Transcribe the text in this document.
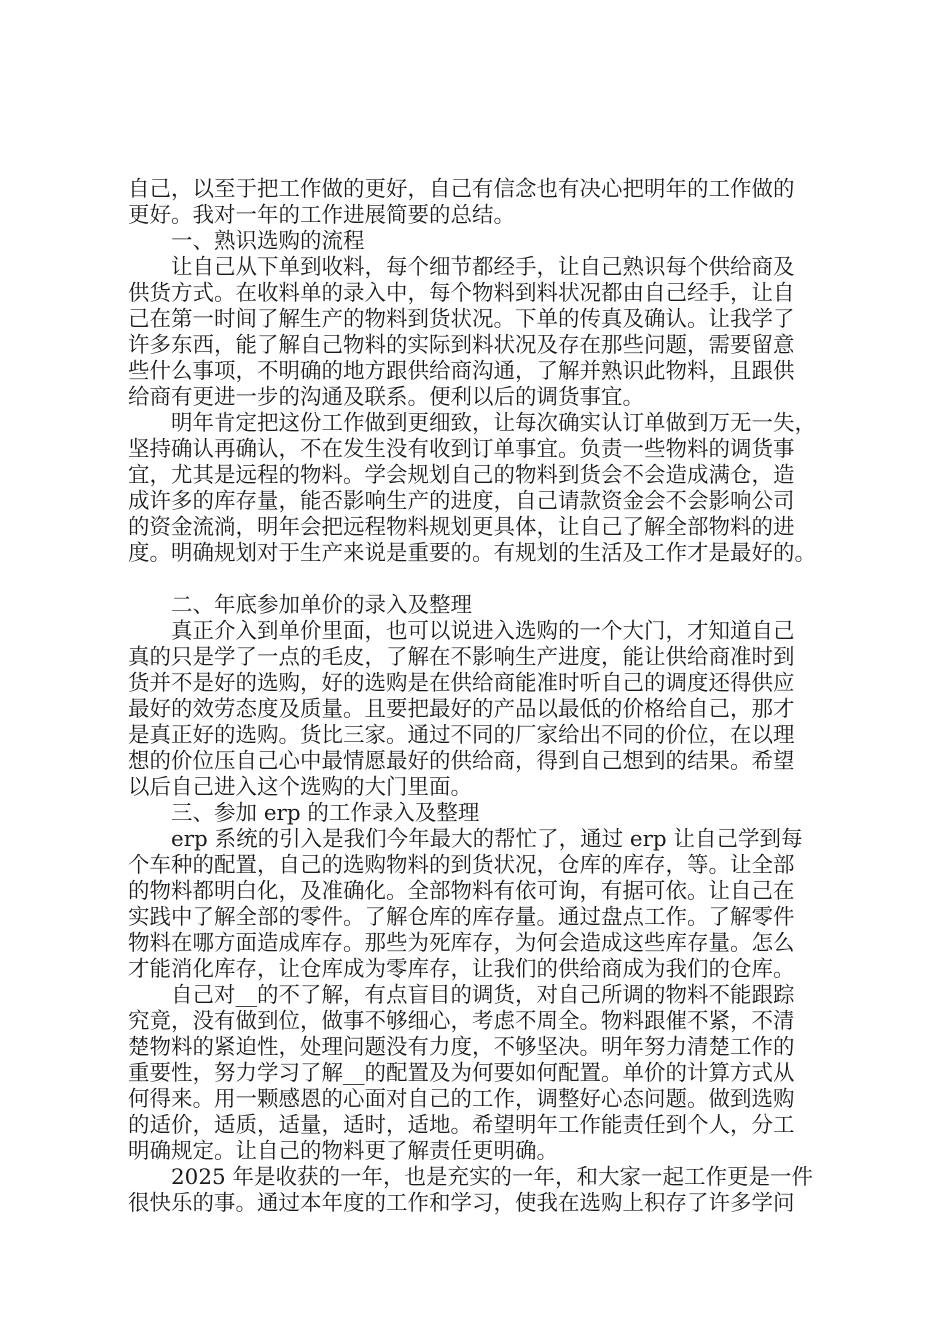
自己，以至于把工作做的更好，自己有信念也有决心把明年的工作做的
更好。我对一年的工作进展简要的总结。
一、熟识选购的流程
让自己从下单到收料，每个细节都经手，让自己熟识每个供给商及
供货方式。在收料单的录入中，每个物料到料状况都由自己经手，让自
己在第一时间了解生产的物料到货状况。下单的传真及确认。让我学了
许多东西，能了解自己物料的实际到料状况及存在那些问题，需要留意
些什么事项，不明确的地方跟供给商沟通，了解并熟识此物料，且跟供
给商有更进一步的沟通及联系。便利以后的调货事宜。
明年肯定把这份工作做到更细致，让每次确实认订单做到万无一失，
坚持确认再确认，不在发生没有收到订单事宜。负责一些物料的调货事
宜，尤其是远程的物料。学会规划自己的物料到货会不会造成满仓，造
成许多的库存量，能否影响生产的进度，自己请款资金会不会影响公司
的资金流淌，明年会把远程物料规划更具体，让自己了解全部物料的进
度。明确规划对于生产来说是重要的。有规划的生活及工作才是最好的。
二、年底参加单价的录入及整理
真正介入到单价里面，也可以说进入选购的一个大门，才知道自己
真的只是学了一点的毛皮，了解在不影响生产进度，能让供给商准时到
货并不是好的选购，好的选购是在供给商能准时听自己的调度还得供应
最好的效劳态度及质量。且要把最好的产品以最低的价格给自己，那才
是真正好的选购。货比三家。通过不同的厂家给出不同的价位，在以理
想的价位压自己心中最情愿最好的供给商，得到自己想到的结果。希望
以后自己进入这个选购的大门里面。
三、参加 erp 的工作录入及整理
erp 系统的引入是我们今年最大的帮忙了，通过 erp 让自己学到每
个车种的配置，自己的选购物料的到货状况，仓库的库存，等。让全部
的物料都明白化，及准确化。全部物料有依可询，有据可依。让自己在
实践中了解全部的零件。了解仓库的库存量。通过盘点工作。了解零件
物料在哪方面造成库存。那些为死库存，为何会造成这些库存量。怎么
才能消化库存，让仓库成为零库存，让我们的供给商成为我们的仓库。
自己对__的不了解，有点盲目的调货，对自己所调的物料不能跟踪
究竟，没有做到位，做事不够细心，考虑不周全。物料跟催不紧，不清
楚物料的紧迫性，处理问题没有力度，不够坚决。明年努力清楚工作的
重要性，努力学习了解__的配置及为何要如何配置。单价的计算方式从
何得来。用一颗感恩的心面对自己的工作，调整好心态问题。做到选购
的适价，适质，适量，适时，适地。希望明年工作能责任到个人，分工
明确规定。让自己的物料更了解责任更明确。
2025 年是收获的一年，也是充实的一年，和大家一起工作更是一件
很快乐的事。通过本年度的工作和学习，使我在选购上积存了许多学问
